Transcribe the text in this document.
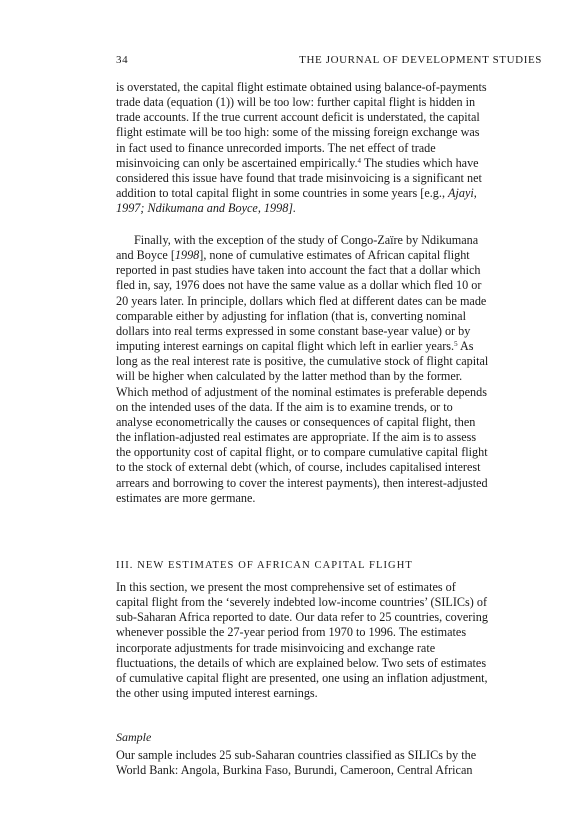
34	THE JOURNAL OF DEVELOPMENT STUDIES

is overstated, the capital flight estimate obtained using balance-of-payments
trade data (equation (1)) will be too low: further capital flight is hidden in
trade accounts. If the true current account deficit is understated, the capital
flight estimate will be too high: some of the missing foreign exchange was
in fact used to finance unrecorded imports. The net effect of trade
misinvoicing can only be ascertained empirically.$^4$ The studies which have
considered this issue have found that trade misinvoicing is a significant net
addition to total capital flight in some countries in some years [e.g., Ajayi,
1997; Ndikumana and Boyce, 1998].

Finally, with the exception of the study of Congo-Zaïre by Ndikumana
and Boyce [1998], none of cumulative estimates of African capital flight
reported in past studies have taken into account the fact that a dollar which
fled in, say, 1976 does not have the same value as a dollar which fled 10 or
20 years later. In principle, dollars which fled at different dates can be made
comparable either by adjusting for inflation (that is, converting nominal
dollars into real terms expressed in some constant base-year value) or by
imputing interest earnings on capital flight which left in earlier years.$^5$ As
long as the real interest rate is positive, the cumulative stock of flight capital
will be higher when calculated by the latter method than by the former.
Which method of adjustment of the nominal estimates is preferable depends
on the intended uses of the data. If the aim is to examine trends, or to
analyse econometrically the causes or consequences of capital flight, then
the inflation-adjusted real estimates are appropriate. If the aim is to assess
the opportunity cost of capital flight, or to compare cumulative capital flight
to the stock of external debt (which, of course, includes capitalised interest
arrears and borrowing to cover the interest payments), then interest-adjusted
estimates are more germane.

III. NEW ESTIMATES OF AFRICAN CAPITAL FLIGHT

In this section, we present the most comprehensive set of estimates of
capital flight from the ‘severely indebted low-income countries’ (SILICs) of
sub-Saharan Africa reported to date. Our data refer to 25 countries, covering
whenever possible the 27-year period from 1970 to 1996. The estimates
incorporate adjustments for trade misinvoicing and exchange rate
fluctuations, the details of which are explained below. Two sets of estimates
of cumulative capital flight are presented, one using an inflation adjustment,
the other using imputed interest earnings.

Sample

Our sample includes 25 sub-Saharan countries classified as SILICs by the
World Bank: Angola, Burkina Faso, Burundi, Cameroon, Central African
